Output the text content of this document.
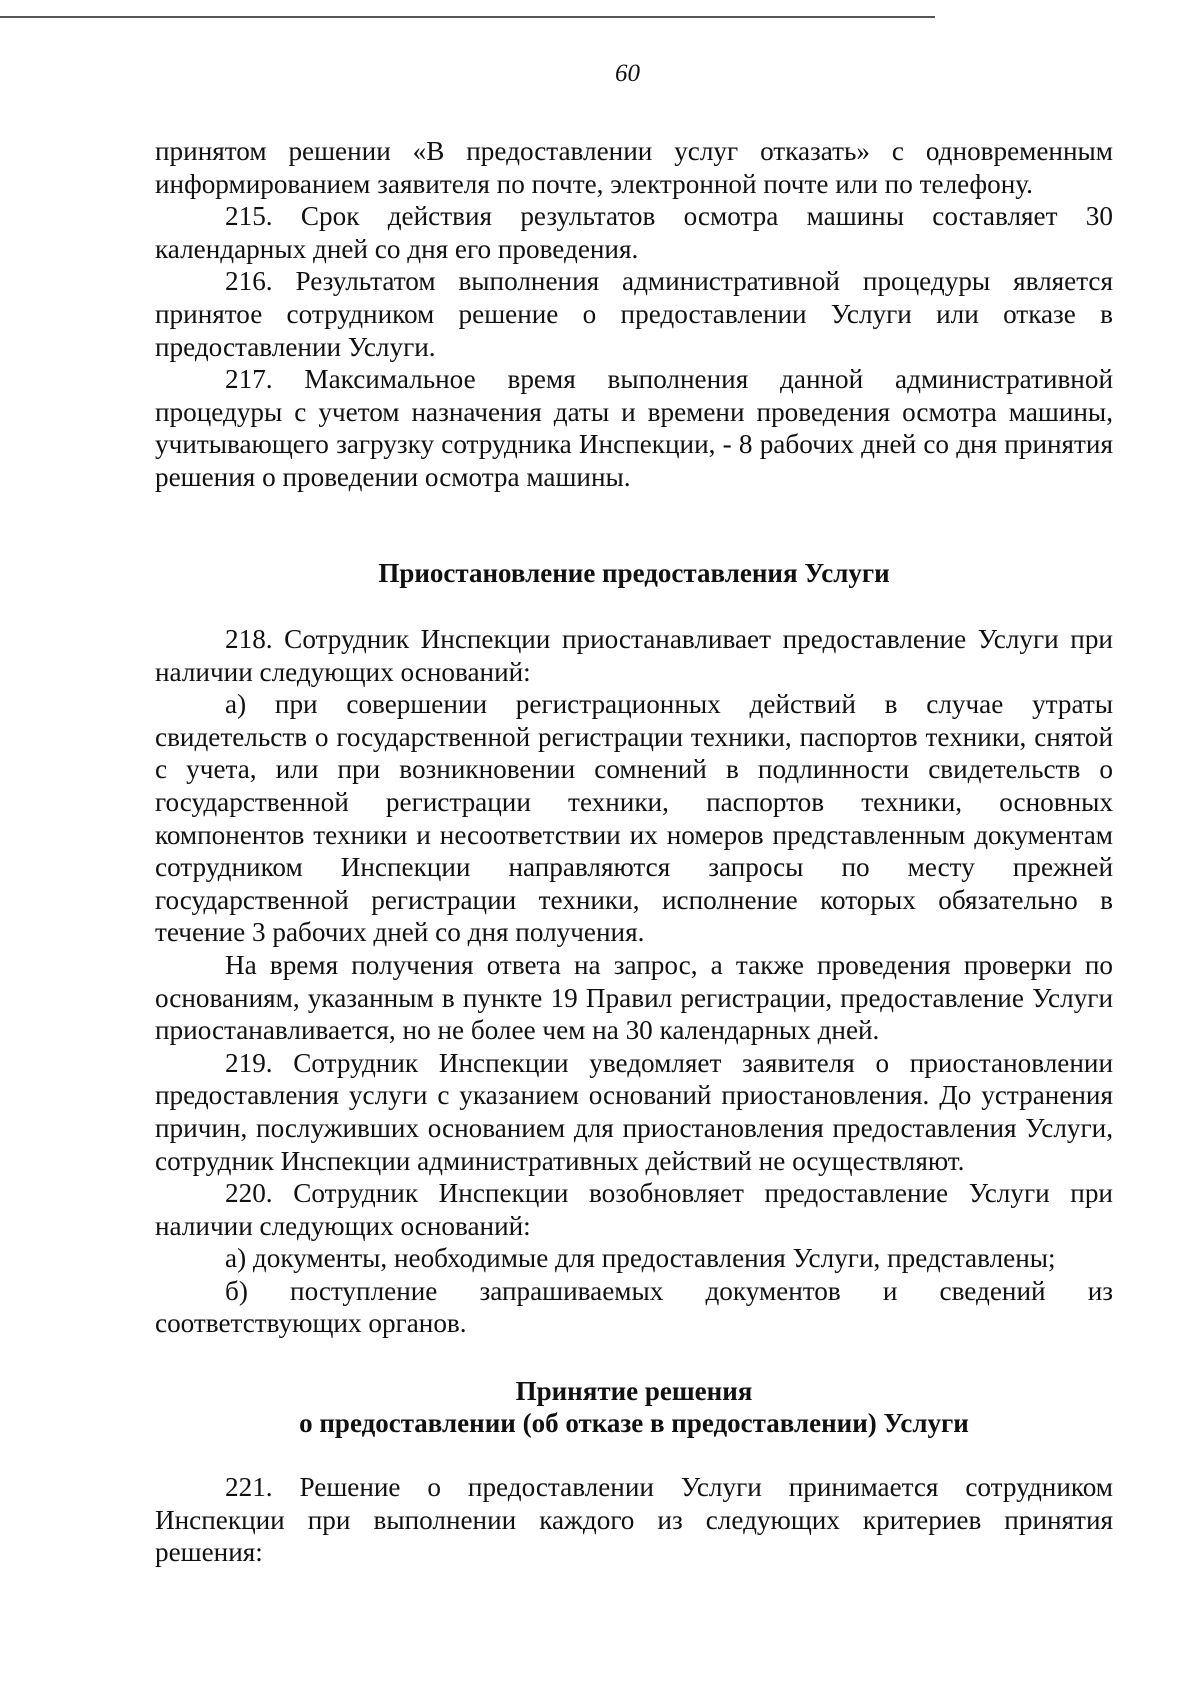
60

принятом решении «В предоставлении услуг отказать» с одновременным информированием заявителя по почте, электронной почте или по телефону.

215. Срок действия результатов осмотра машины составляет 30 календарных дней со дня его проведения.

216. Результатом выполнения административной процедуры является принятое сотрудником решение о предоставлении Услуги или отказе в предоставлении Услуги.

217. Максимальное время выполнения данной административной процедуры с учетом назначения даты и времени проведения осмотра машины, учитывающего загрузку сотрудника Инспекции, - 8 рабочих дней со дня принятия решения о проведении осмотра машины.

Приостановление предоставления Услуги

218. Сотрудник Инспекции приостанавливает предоставление Услуги при наличии следующих оснований:

а) при совершении регистрационных действий в случае утраты свидетельств о государственной регистрации техники, паспортов техники, снятой с учета, или при возникновении сомнений в подлинности свидетельств о государственной регистрации техники, паспортов техники, основных компонентов техники и несоответствии их номеров представленным документам сотрудником Инспекции направляются запросы по месту прежней государственной регистрации техники, исполнение которых обязательно в течение 3 рабочих дней со дня получения.

На время получения ответа на запрос, а также проведения проверки по основаниям, указанным в пункте 19 Правил регистрации, предоставление Услуги приостанавливается, но не более чем на 30 календарных дней.

219. Сотрудник Инспекции уведомляет заявителя о приостановлении предоставления услуги с указанием оснований приостановления. До устранения причин, послуживших основанием для приостановления предоставления Услуги, сотрудник Инспекции административных действий не осуществляют.

220. Сотрудник Инспекции возобновляет предоставление Услуги при наличии следующих оснований:

а) документы, необходимые для предоставления Услуги, представлены;

б) поступление запрашиваемых документов и сведений из соответствующих органов.

Принятие решения
о предоставлении (об отказе в предоставлении) Услуги

221. Решение о предоставлении Услуги принимается сотрудником Инспекции при выполнении каждого из следующих критериев принятия решения:
